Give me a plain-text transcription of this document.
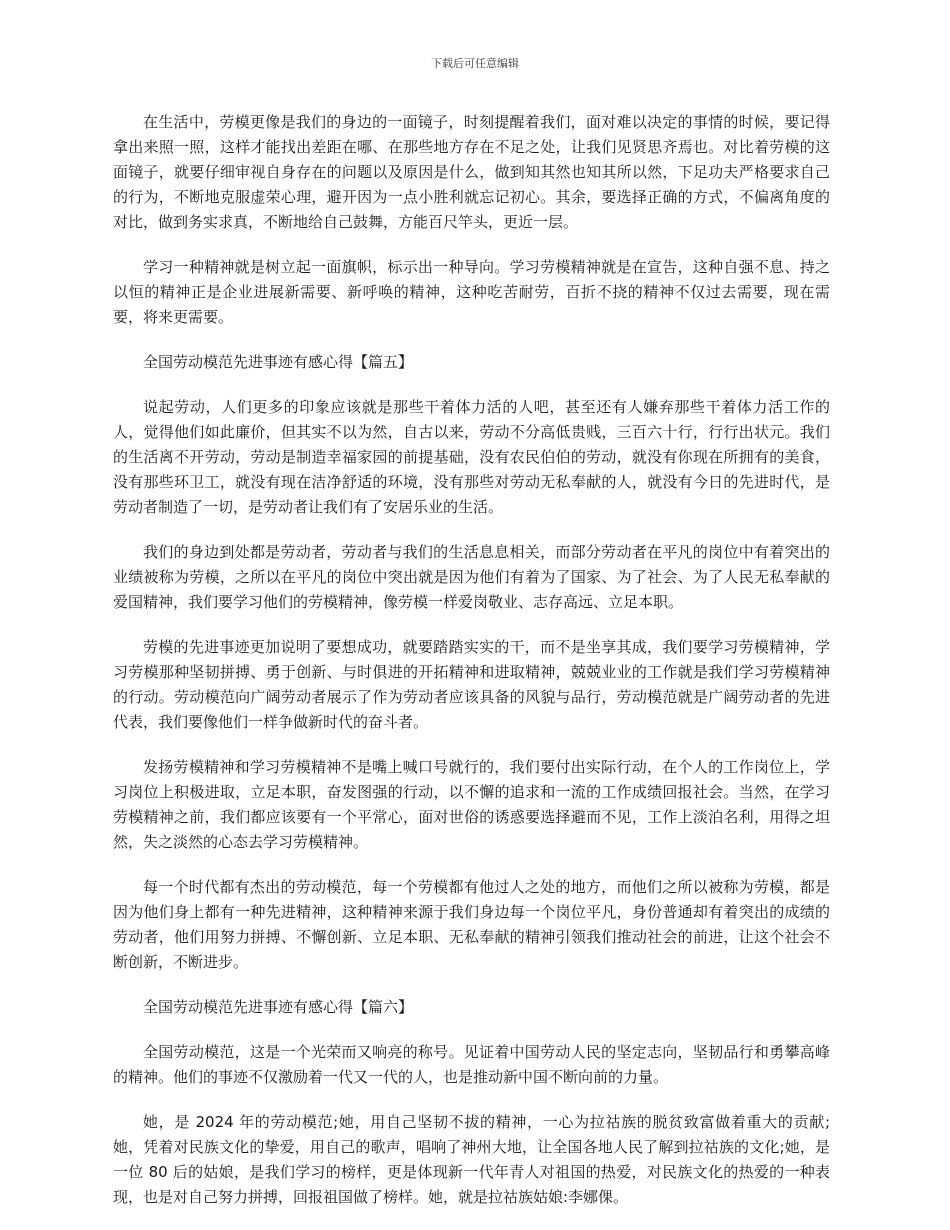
下载后可任意编辑

在生活中，劳模更像是我们的身边的一面镜子，时刻提醒着我们，面对难以决定的事情的时候，要记得拿出来照一照，这样才能找出差距在哪、在那些地方存在不足之处，让我们见贤思齐焉也。对比着劳模的这面镜子，就要仔细审视自身存在的问题以及原因是什么，做到知其然也知其所以然，下足功夫严格要求自己的行为，不断地克服虚荣心理，避开因为一点小胜利就忘记初心。其余，要选择正确的方式，不偏离角度的对比，做到务实求真，不断地给自己鼓舞，方能百尺竿头，更近一层。

学习一种精神就是树立起一面旗帜，标示出一种导向。学习劳模精神就是在宣告，这种自强不息、持之以恒的精神正是企业进展新需要、新呼唤的精神，这种吃苦耐劳，百折不挠的精神不仅过去需要，现在需要，将来更需要。

全国劳动模范先进事迹有感心得【篇五】

说起劳动，人们更多的印象应该就是那些干着体力活的人吧，甚至还有人嫌弃那些干着体力活工作的人，觉得他们如此廉价，但其实不以为然，自古以来，劳动不分高低贵贱，三百六十行，行行出状元。我们的生活离不开劳动，劳动是制造幸福家园的前提基础，没有农民伯伯的劳动，就没有你现在所拥有的美食，没有那些环卫工，就没有现在洁净舒适的环境，没有那些对劳动无私奉献的人，就没有今日的先进时代，是劳动者制造了一切，是劳动者让我们有了安居乐业的生活。

我们的身边到处都是劳动者，劳动者与我们的生活息息相关，而部分劳动者在平凡的岗位中有着突出的业绩被称为劳模，之所以在平凡的岗位中突出就是因为他们有着为了国家、为了社会、为了人民无私奉献的爱国精神，我们要学习他们的劳模精神，像劳模一样爱岗敬业、志存高远、立足本职。

劳模的先进事迹更加说明了要想成功，就要踏踏实实的干，而不是坐享其成，我们要学习劳模精神，学习劳模那种坚韧拼搏、勇于创新、与时俱进的开拓精神和进取精神，兢兢业业的工作就是我们学习劳模精神的行动。劳动模范向广阔劳动者展示了作为劳动者应该具备的风貌与品行，劳动模范就是广阔劳动者的先进代表，我们要像他们一样争做新时代的奋斗者。

发扬劳模精神和学习劳模精神不是嘴上喊口号就行的，我们要付出实际行动，在个人的工作岗位上，学习岗位上积极进取，立足本职，奋发图强的行动，以不懈的追求和一流的工作成绩回报社会。当然，在学习劳模精神之前，我们都应该要有一个平常心，面对世俗的诱惑要选择避而不见，工作上淡泊名利，用得之坦然，失之淡然的心态去学习劳模精神。

每一个时代都有杰出的劳动模范，每一个劳模都有他过人之处的地方，而他们之所以被称为劳模，都是因为他们身上都有一种先进精神，这种精神来源于我们身边每一个岗位平凡，身份普通却有着突出的成绩的劳动者，他们用努力拼搏、不懈创新、立足本职、无私奉献的精神引领我们推动社会的前进，让这个社会不断创新，不断进步。

全国劳动模范先进事迹有感心得【篇六】

全国劳动模范，这是一个光荣而又响亮的称号。见证着中国劳动人民的坚定志向，坚韧品行和勇攀高峰的精神。他们的事迹不仅激励着一代又一代的人，也是推动新中国不断向前的力量。

她，是 2024 年的劳动模范;她，用自己坚韧不拔的精神，一心为拉祜族的脱贫致富做着重大的贡献;她，凭着对民族文化的挚爱，用自己的歌声，唱响了神州大地，让全国各地人民了解到拉祜族的文化;她，是一位 80 后的姑娘，是我们学习的榜样，更是体现新一代年青人对祖国的热爱，对民族文化的热爱的一种表现，也是对自己努力拼搏，回报祖国做了榜样。她，就是拉祜族姑娘:李娜倮。
